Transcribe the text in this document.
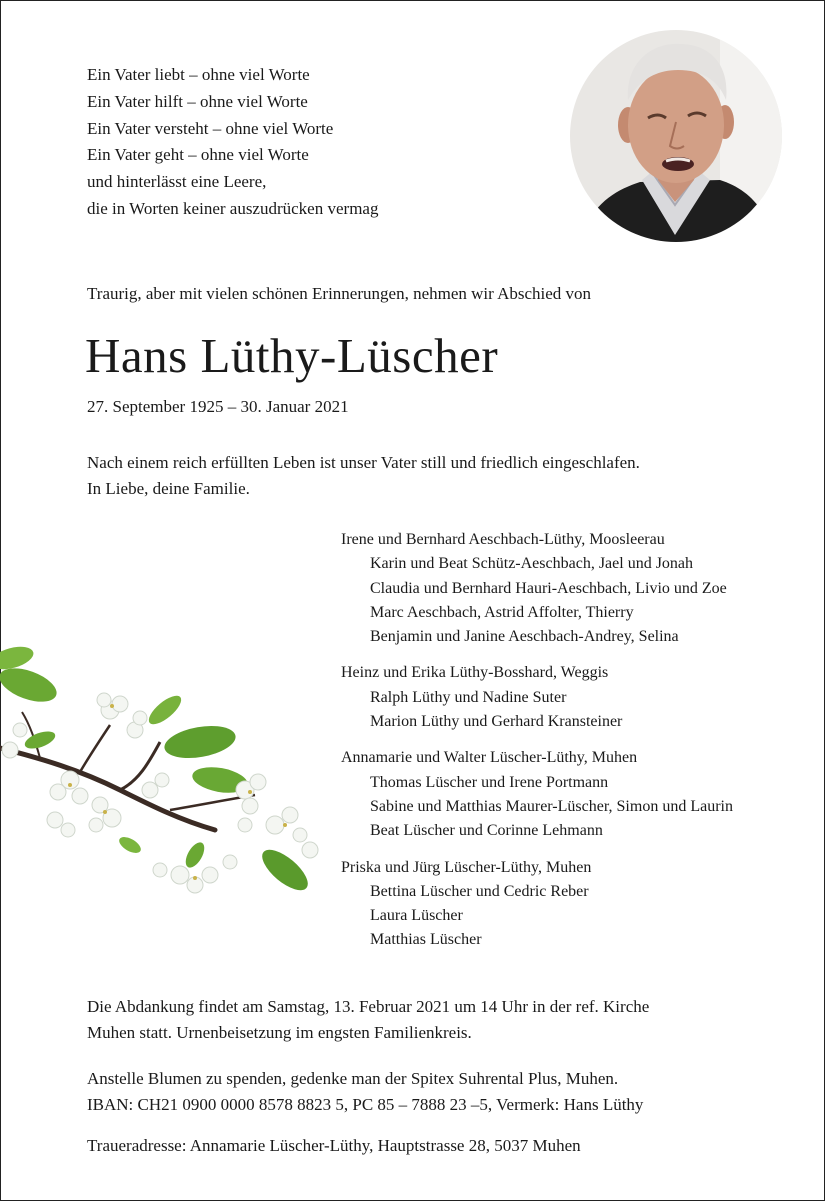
Ein Vater liebt – ohne viel Worte
Ein Vater hilft – ohne viel Worte
Ein Vater versteht – ohne viel Worte
Ein Vater geht – ohne viel Worte
und hinterlässt eine Leere,
die in Worten keiner auszudrücken vermag
Traurig, aber mit vielen schönen Erinnerungen, nehmen wir Abschied von
Hans Lüthy-Lüscher
27. September 1925 – 30. Januar 2021
Nach einem reich erfüllten Leben ist unser Vater still und friedlich eingeschlafen.
In Liebe, deine Familie.
Irene und Bernhard Aeschbach-Lüthy, Moosleerau
Karin und Beat Schütz-Aeschbach, Jael und Jonah
Claudia und Bernhard Hauri-Aeschbach, Livio und Zoe
Marc Aeschbach, Astrid Affolter, Thierry
Benjamin und Janine Aeschbach-Andrey, Selina
Heinz und Erika Lüthy-Bosshard, Weggis
Ralph Lüthy und Nadine Suter
Marion Lüthy und Gerhard Kransteiner
Annamarie und Walter Lüscher-Lüthy, Muhen
Thomas Lüscher und Irene Portmann
Sabine und Matthias Maurer-Lüscher, Simon und Laurin
Beat Lüscher und Corinne Lehmann
Priska und Jürg Lüscher-Lüthy, Muhen
Bettina Lüscher und Cedric Reber
Laura Lüscher
Matthias Lüscher
Die Abdankung findet am Samstag, 13. Februar 2021 um 14 Uhr in der ref. Kirche
Muhen statt. Urnenbeisetzung im engsten Familienkreis.
Anstelle Blumen zu spenden, gedenke man der Spitex Suhrental Plus, Muhen.
IBAN: CH21 0900 0000 8578 8823 5, PC 85 – 7888 23 –5, Vermerk: Hans Lüthy
Traueradresse: Annamarie Lüscher-Lüthy, Hauptstrasse 28, 5037 Muhen
